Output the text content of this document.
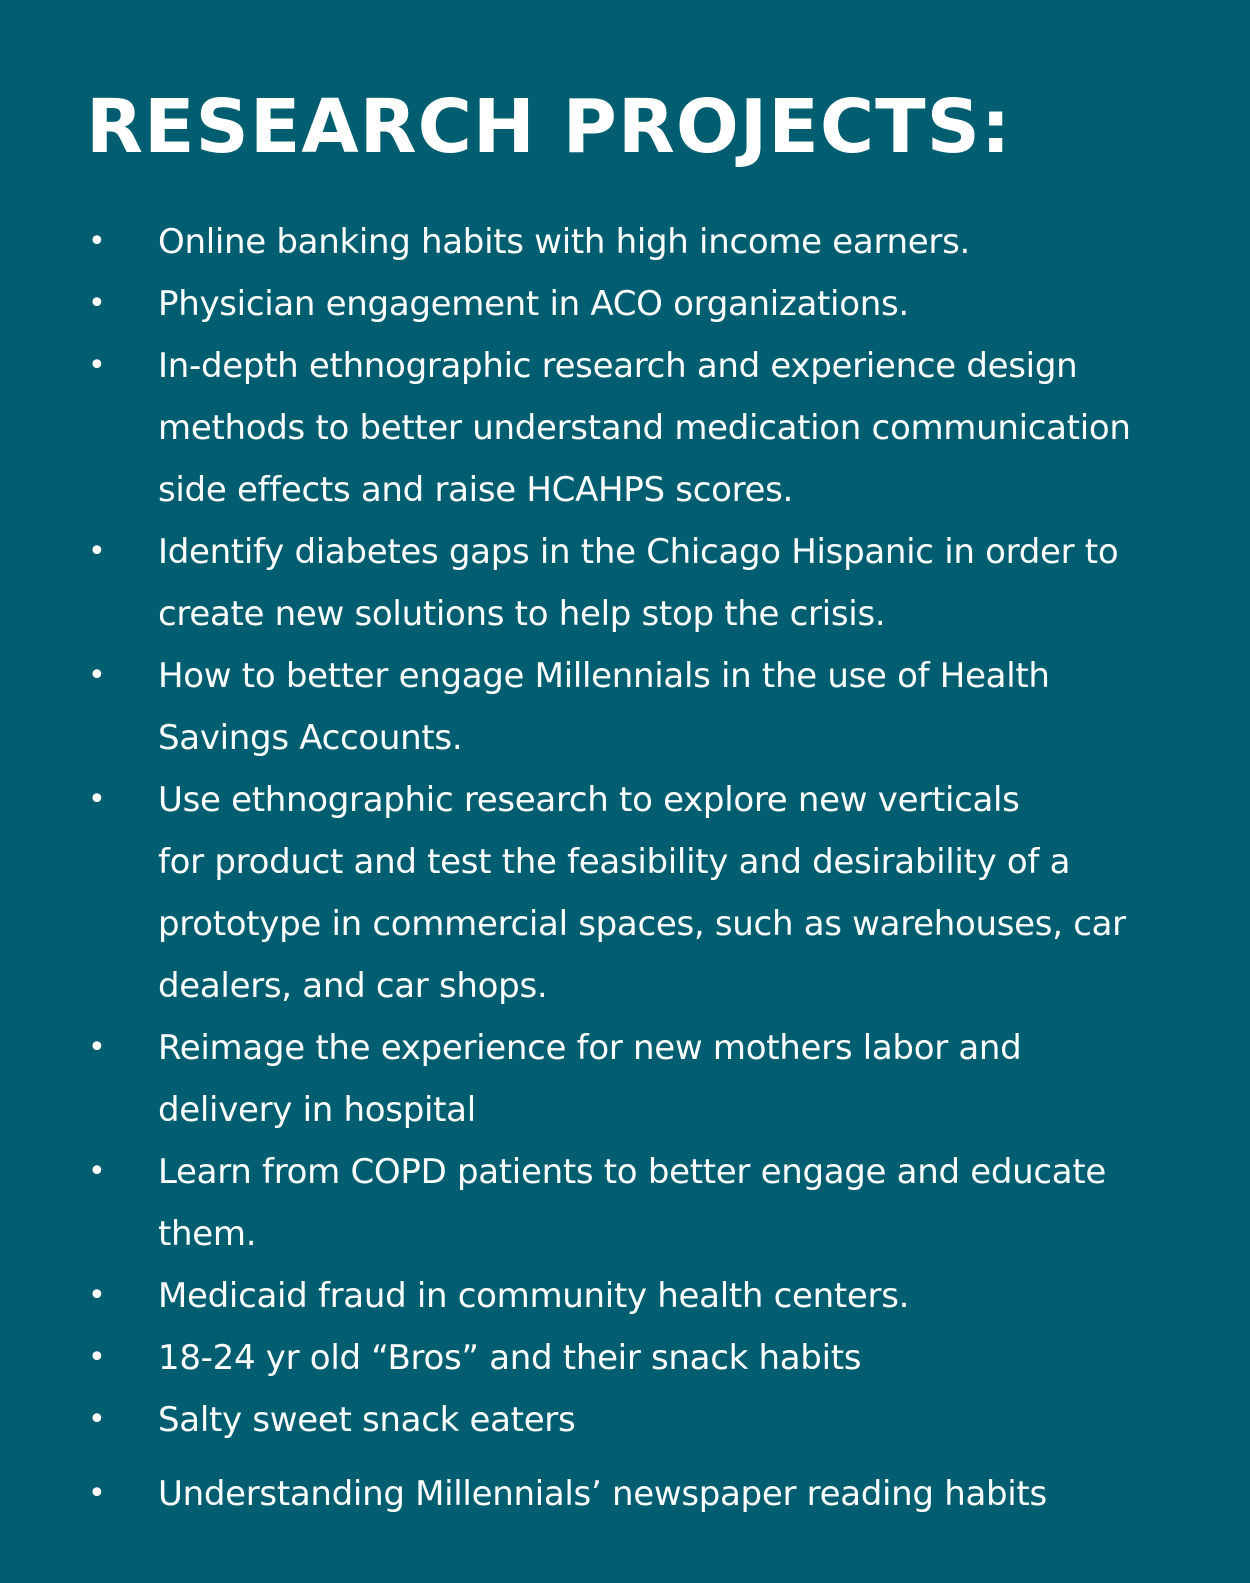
RESEARCH PROJECTS:
• Online banking habits with high income earners.
• Physician engagement in ACO organizations.
• In-depth ethnographic research and experience design
methods to better understand medication communication
side effects and raise HCAHPS scores.
• Identify diabetes gaps in the Chicago Hispanic in order to
create new solutions to help stop the crisis.
• How to better engage Millennials in the use of Health
Savings Accounts.
• Use ethnographic research to explore new verticals
for product and test the feasibility and desirability of a
prototype in commercial spaces, such as warehouses, car
dealers, and car shops.
• Reimage the experience for new mothers labor and
delivery in hospital
• Learn from COPD patients to better engage and educate
them.
• Medicaid fraud in community health centers.
• 18-24 yr old “Bros” and their snack habits
• Salty sweet snack eaters
• Understanding Millennials’ newspaper reading habits
